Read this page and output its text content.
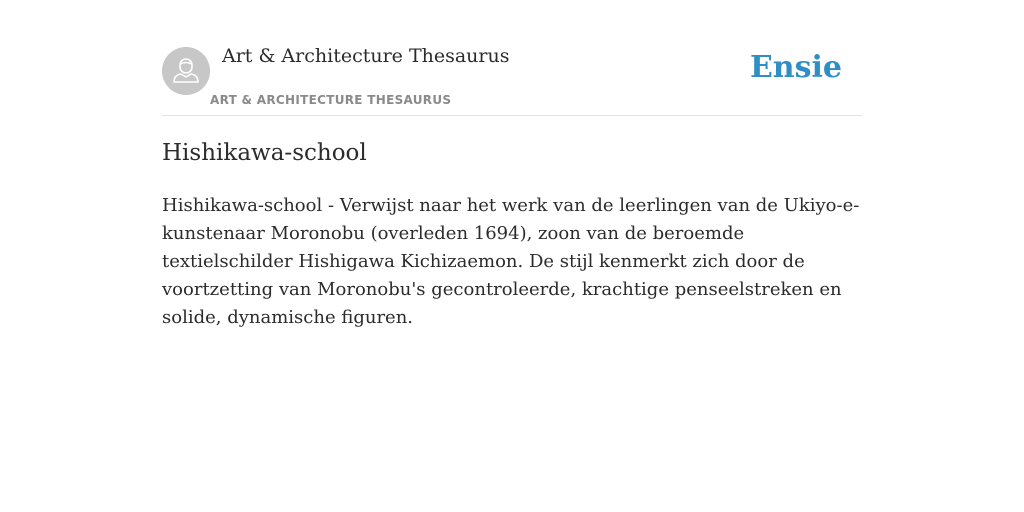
Art & Architecture Thesaurus
ART & ARCHITECTURE THESAURUS
Ensie
Hishikawa-school

Hishikawa-school - Verwijst naar het werk van de leerlingen van de Ukiyo-e-kunstenaar Moronobu (overleden 1694), zoon van de beroemde textielschilder Hishigawa Kichizaemon. De stijl kenmerkt zich door de voortzetting van Moronobu's gecontroleerde, krachtige penseelstreken en solide, dynamische figuren.
